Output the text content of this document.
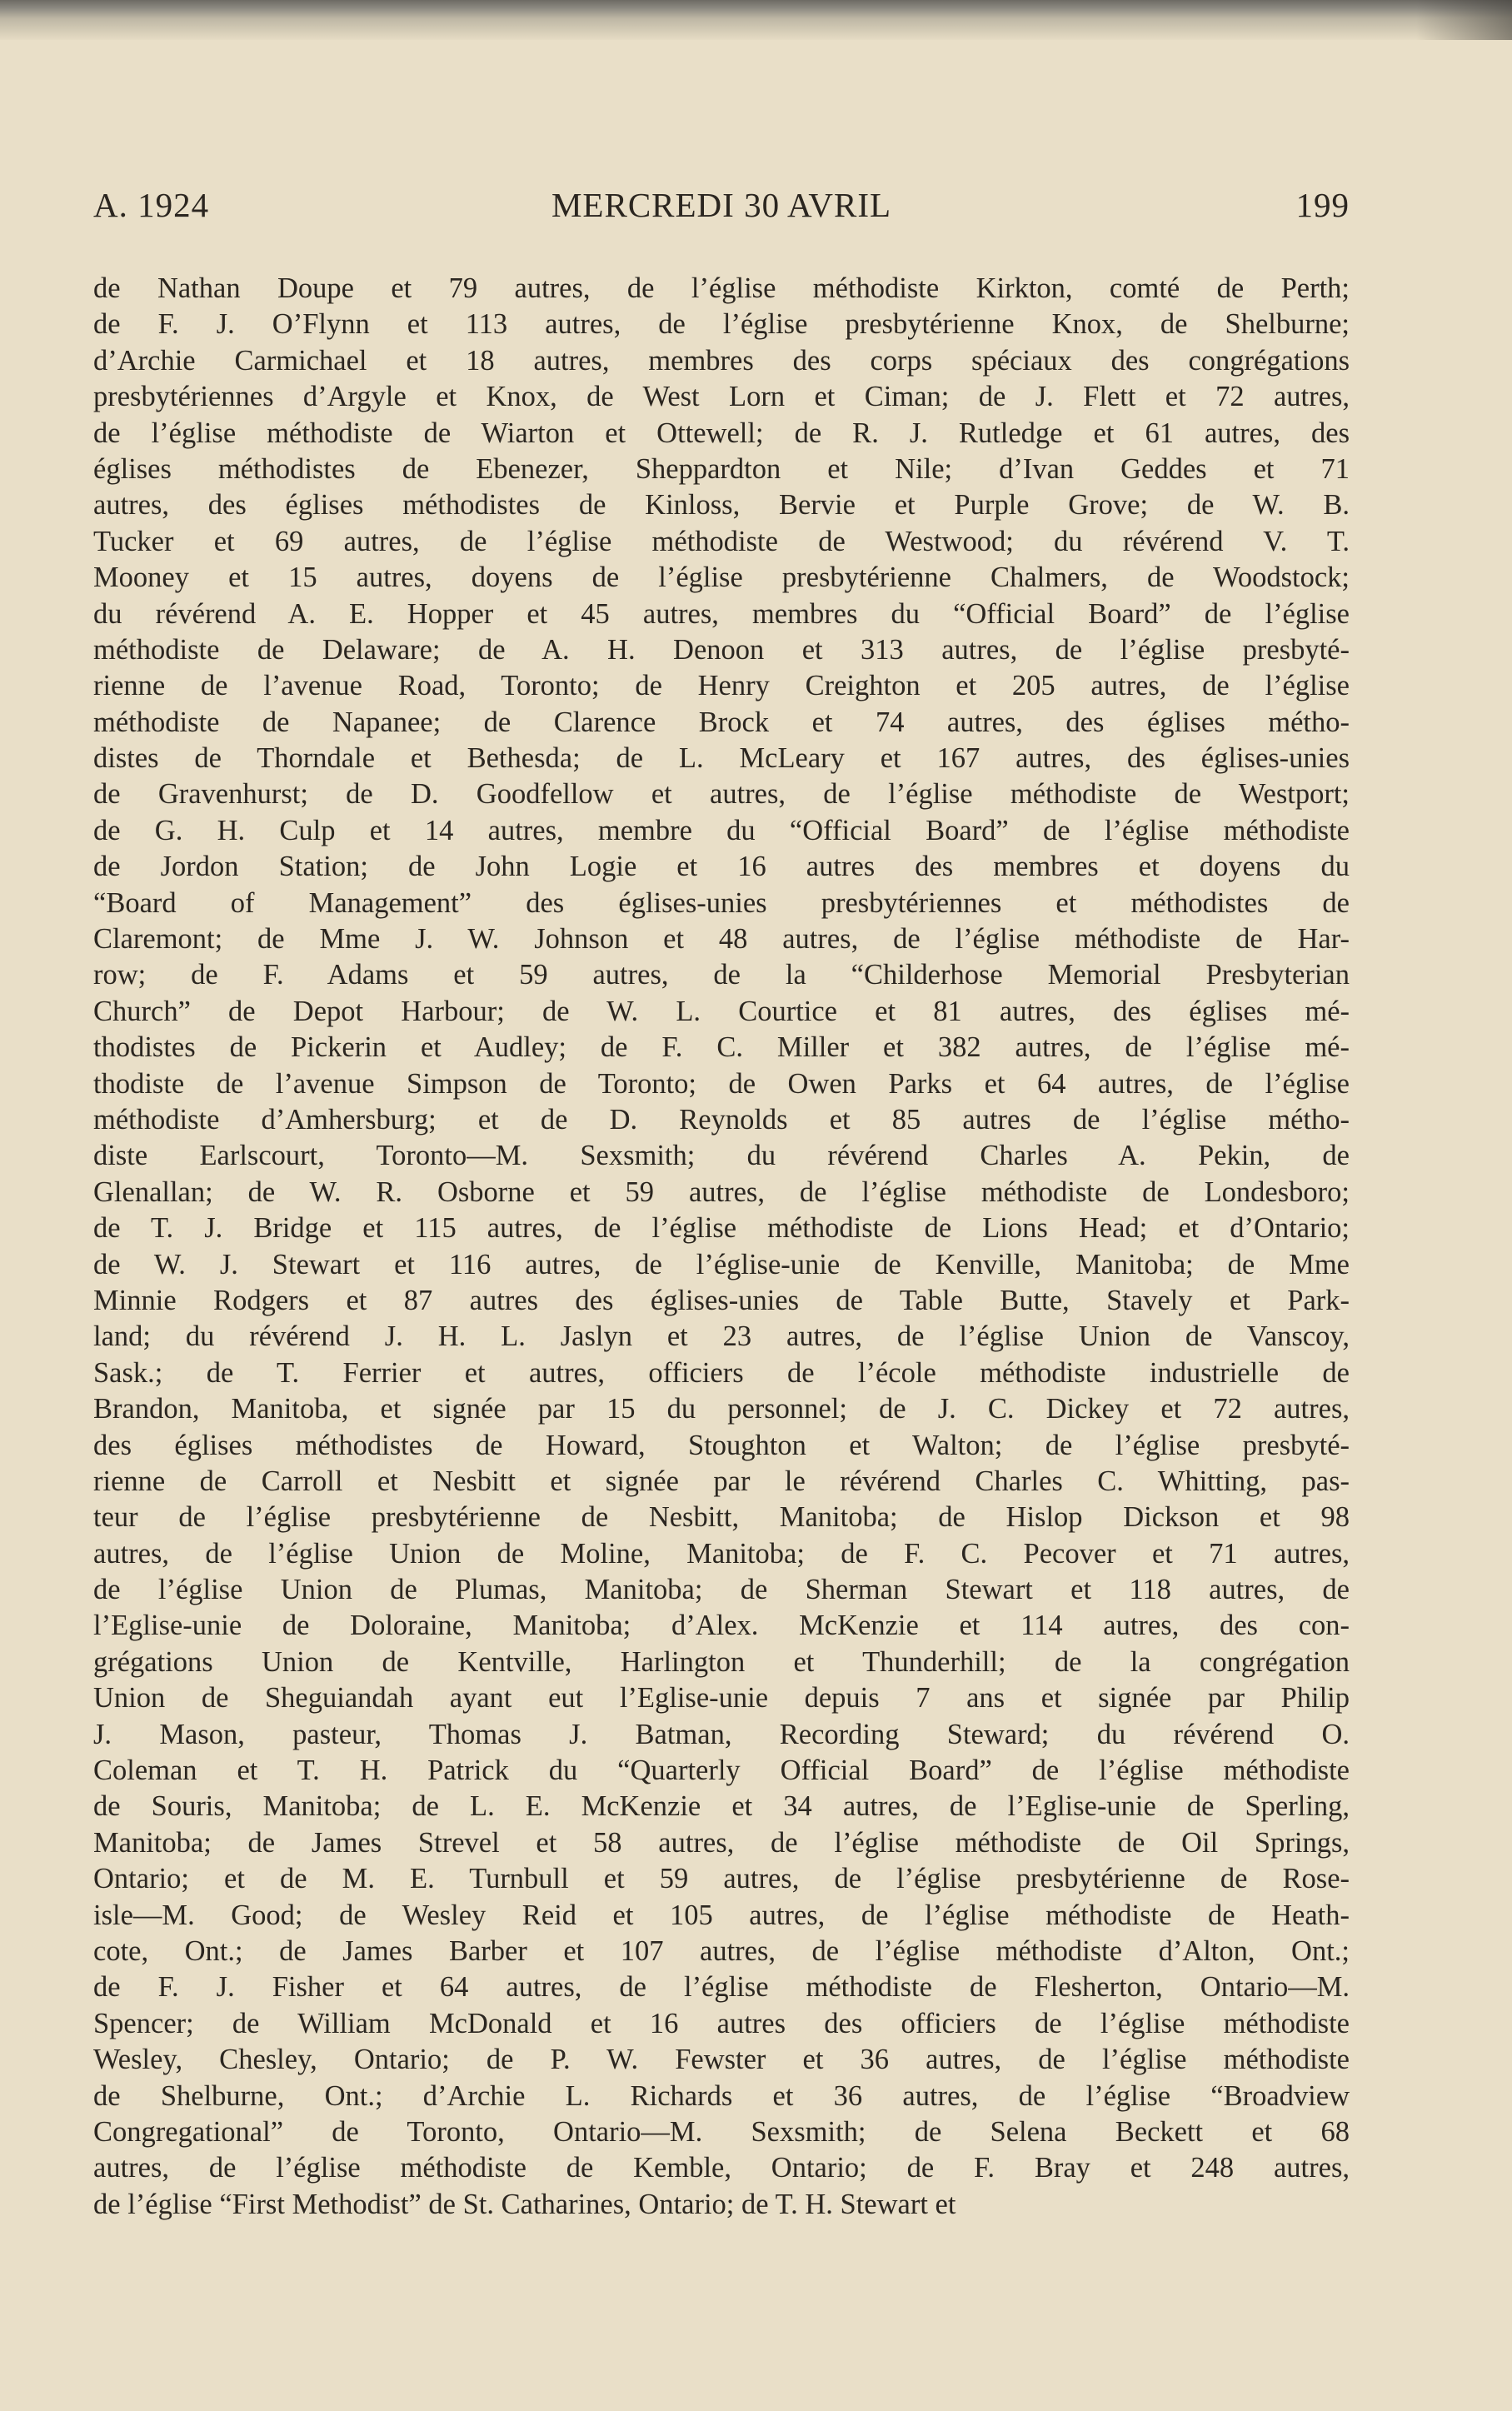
A. 1924	MERCREDI 30 AVRIL	199
de Nathan Doupe et 79 autres, de l’église méthodiste Kirkton, comté de Perth;
de F. J. O’Flynn et 113 autres, de l’église presbytérienne Knox, de Shelburne;
d’Archie Carmichael et 18 autres, membres des corps spéciaux des congrégations
presbytériennes d’Argyle et Knox, de West Lorn et Ciman; de J. Flett et 72 autres,
de l’église méthodiste de Wiarton et Ottewell; de R. J. Rutledge et 61 autres, des
églises méthodistes de Ebenezer, Sheppardton et Nile; d’Ivan Geddes et 71
autres, des églises méthodistes de Kinloss, Bervie et Purple Grove; de W. B.
Tucker et 69 autres, de l’église méthodiste de Westwood; du révérend V. T.
Mooney et 15 autres, doyens de l’église presbytérienne Chalmers, de Woodstock;
du révérend A. E. Hopper et 45 autres, membres du “Official Board” de l’église
méthodiste de Delaware; de A. H. Denoon et 313 autres, de l’église presbyté-
rienne de l’avenue Road, Toronto; de Henry Creighton et 205 autres, de l’église
méthodiste de Napanee; de Clarence Brock et 74 autres, des églises métho-
distes de Thorndale et Bethesda; de L. McLeary et 167 autres, des églises-unies
de Gravenhurst; de D. Goodfellow et autres, de l’église méthodiste de Westport;
de G. H. Culp et 14 autres, membre du “Official Board” de l’église méthodiste
de Jordon Station; de John Logie et 16 autres des membres et doyens du
“Board of Management” des églises-unies presbytériennes et méthodistes de
Claremont; de Mme J. W. Johnson et 48 autres, de l’église méthodiste de Har-
row; de F. Adams et 59 autres, de la “Childerhose Memorial Presbyterian
Church” de Depot Harbour; de W. L. Courtice et 81 autres, des églises mé-
thodistes de Pickerin et Audley; de F. C. Miller et 382 autres, de l’église mé-
thodiste de l’avenue Simpson de Toronto; de Owen Parks et 64 autres, de l’église
méthodiste d’Amhersburg; et de D. Reynolds et 85 autres de l’église métho-
diste Earlscourt, Toronto—M. Sexsmith; du révérend Charles A. Pekin, de
Glenallan; de W. R. Osborne et 59 autres, de l’église méthodiste de Londesboro;
de T. J. Bridge et 115 autres, de l’église méthodiste de Lions Head; et d’Ontario;
de W. J. Stewart et 116 autres, de l’église-unie de Kenville, Manitoba; de Mme
Minnie Rodgers et 87 autres des églises-unies de Table Butte, Stavely et Park-
land; du révérend J. H. L. Jaslyn et 23 autres, de l’église Union de Vanscoy,
Sask.; de T. Ferrier et autres, officiers de l’école méthodiste industrielle de
Brandon, Manitoba, et signée par 15 du personnel; de J. C. Dickey et 72 autres,
des églises méthodistes de Howard, Stoughton et Walton; de l’église presbyté-
rienne de Carroll et Nesbitt et signée par le révérend Charles C. Whitting, pas-
teur de l’église presbytérienne de Nesbitt, Manitoba; de Hislop Dickson et 98
autres, de l’église Union de Moline, Manitoba; de F. C. Pecover et 71 autres,
de l’église Union de Plumas, Manitoba; de Sherman Stewart et 118 autres, de
l’Eglise-unie de Doloraine, Manitoba; d’Alex. McKenzie et 114 autres, des con-
grégations Union de Kentville, Harlington et Thunderhill; de la congrégation
Union de Sheguiandah ayant eut l’Eglise-unie depuis 7 ans et signée par Philip
J. Mason, pasteur, Thomas J. Batman, Recording Steward; du révérend O.
Coleman et T. H. Patrick du “Quarterly Official Board” de l’église méthodiste
de Souris, Manitoba; de L. E. McKenzie et 34 autres, de l’Eglise-unie de Sperling,
Manitoba; de James Strevel et 58 autres, de l’église méthodiste de Oil Springs,
Ontario; et de M. E. Turnbull et 59 autres, de l’église presbytérienne de Rose-
isle—M. Good; de Wesley Reid et 105 autres, de l’église méthodiste de Heath-
cote, Ont.; de James Barber et 107 autres, de l’église méthodiste d’Alton, Ont.;
de F. J. Fisher et 64 autres, de l’église méthodiste de Flesherton, Ontario—M.
Spencer; de William McDonald et 16 autres des officiers de l’église méthodiste
Wesley, Chesley, Ontario; de P. W. Fewster et 36 autres, de l’église méthodiste
de Shelburne, Ont.; d’Archie L. Richards et 36 autres, de l’église “Broadview
Congregational” de Toronto, Ontario—M. Sexsmith; de Selena Beckett et 68
autres, de l’église méthodiste de Kemble, Ontario; de F. Bray et 248 autres,
de l’église “First Methodist” de St. Catharines, Ontario; de T. H. Stewart et
